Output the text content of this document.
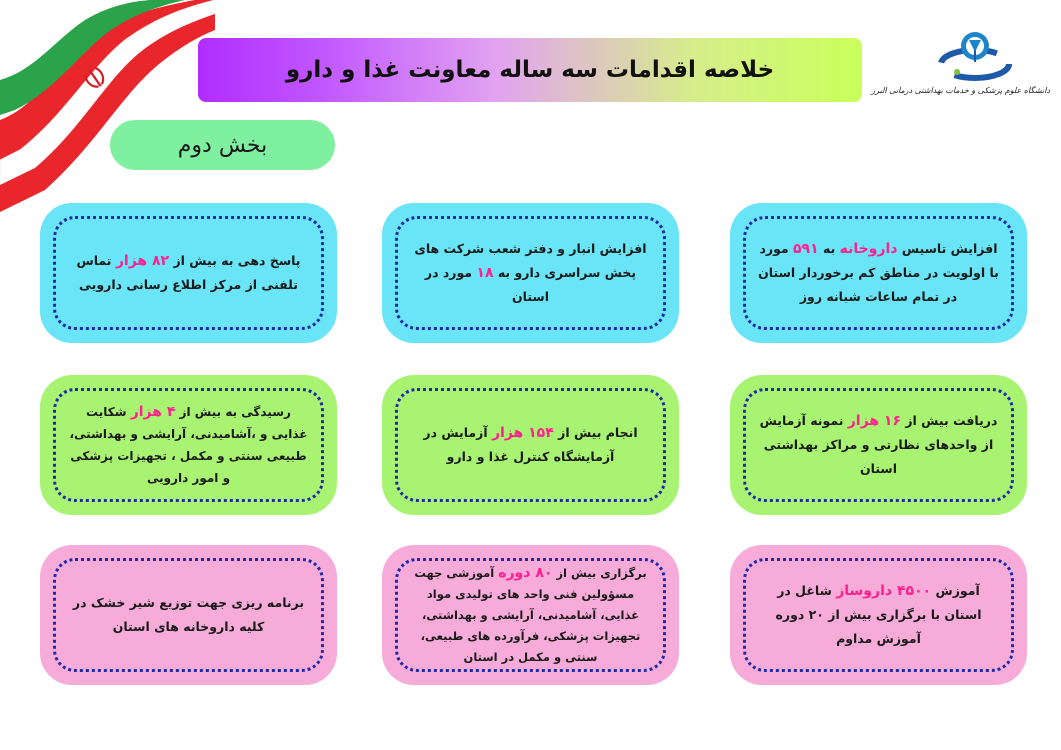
خلاصه اقدامات سه ساله معاونت غذا و دارو
دانشگاه علوم پزشکی و خدمات بهداشتی درمانی البرز
بخش دوم

افزایش تاسیس داروخانه به ۵۹۱ مورد با اولویت در مناطق کم برخوردار استان در تمام ساعات شبانه روز

افزایش انبار و دفتر شعب شرکت های پخش سراسری دارو به ۱۸ مورد در استان

پاسخ دهی به بیش از ۸۲ هزار تماس تلفنی از مرکز اطلاع رسانی دارویی

دریافت بیش از ۱۶ هزار نمونه آزمایش از واحدهای نظارتی و مراکز بهداشتی استان

انجام بیش از ۱۵۴ هزار آزمایش در آزمایشگاه کنترل غذا و دارو

رسیدگی به بیش از ۴ هزار شکایت غذایی و ،آشامیدنی، آرایشی و بهداشتی، طبیعی سنتی و مکمل ، تجهیزات پزشکی و امور دارویی

آموزش ۴۵۰۰ داروساز شاغل در استان با برگزاری بیش از ۲۰ دوره آموزش مداوم

برگزاری بیش از ۸۰ دوره آموزشی جهت مسؤولین فنی واحد های تولیدی مواد غذایی، آشامیدنی، آرایشی و بهداشتی، تجهیزات پزشکی، فرآورده های طبیعی، سنتی و مکمل در استان

برنامه ریزی جهت توزیع شیر خشک در کلیه داروخانه های استان
